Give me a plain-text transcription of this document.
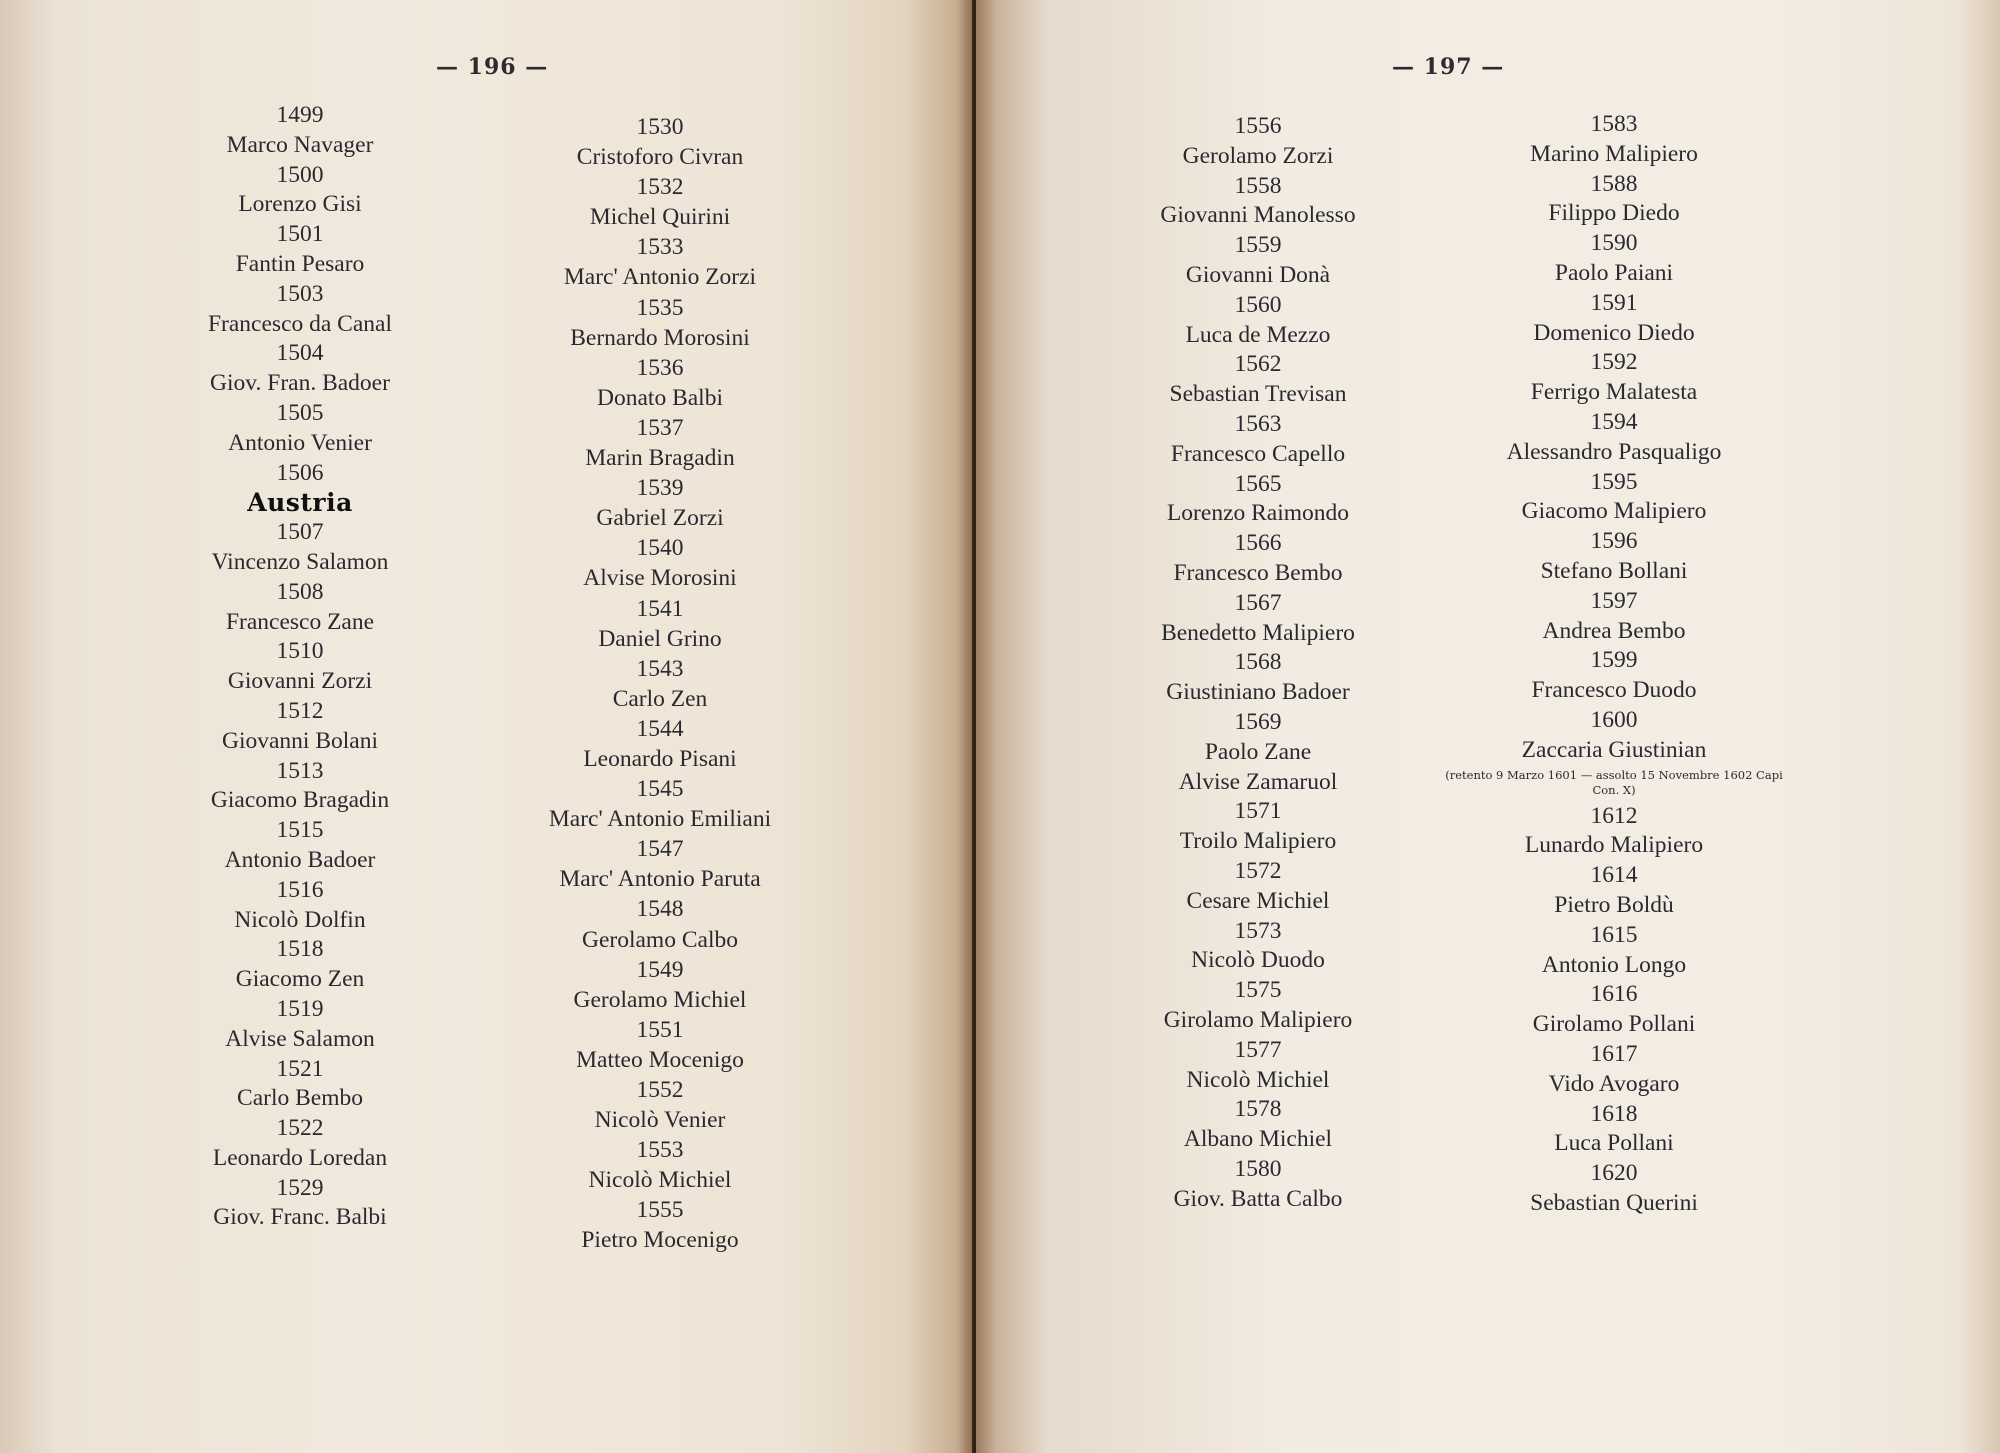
— 196 —
1499
Marco Navager
1500
Lorenzo Gisi
1501
Fantin Pesaro
1503
Francesco da Canal
1504
Giov. Fran. Badoer
1505
Antonio Venier
1506
Austria
1507
Vincenzo Salamon
1508
Francesco Zane
1510
Giovanni Zorzi
1512
Giovanni Bolani
1513
Giacomo Bragadin
1515
Antonio Badoer
1516
Nicolò Dolfin
1518
Giacomo Zen
1519
Alvise Salamon
1521
Carlo Bembo
1522
Leonardo Loredan
1529
Giov. Franc. Balbi
1530
Cristoforo Civran
1532
Michel Quirini
1533
Marc' Antonio Zorzi
1535
Bernardo Morosini
1536
Donato Balbi
1537
Marin Bragadin
1539
Gabriel Zorzi
1540
Alvise Morosini
1541
Daniel Grino
1543
Carlo Zen
1544
Leonardo Pisani
1545
Marc' Antonio Emiliani
1547
Marc' Antonio Paruta
1548
Gerolamo Calbo
1549
Gerolamo Michiel
1551
Matteo Mocenigo
1552
Nicolò Venier
1553
Nicolò Michiel
1555
Pietro Mocenigo
— 197 —
1556
Gerolamo Zorzi
1558
Giovanni Manolesso
1559
Giovanni Donà
1560
Luca de Mezzo
1562
Sebastian Trevisan
1563
Francesco Capello
1565
Lorenzo Raimondo
1566
Francesco Bembo
1567
Benedetto Malipiero
1568
Giustiniano Badoer
1569
Paolo Zane
Alvise Zamaruol
1571
Troilo Malipiero
1572
Cesare Michiel
1573
Nicolò Duodo
1575
Girolamo Malipiero
1577
Nicolò Michiel
1578
Albano Michiel
1580
Giov. Batta Calbo
1583
Marino Malipiero
1588
Filippo Diedo
1590
Paolo Paiani
1591
Domenico Diedo
1592
Ferrigo Malatesta
1594
Alessandro Pasqualigo
1595
Giacomo Malipiero
1596
Stefano Bollani
1597
Andrea Bembo
1599
Francesco Duodo
1600
Zaccaria Giustinian
(retento 9 Marzo 1601 — assolto 15 Novembre 1602 Capi Con. X)
1612
Lunardo Malipiero
1614
Pietro Boldù
1615
Antonio Longo
1616
Girolamo Pollani
1617
Vido Avogaro
1618
Luca Pollani
1620
Sebastian Querini
